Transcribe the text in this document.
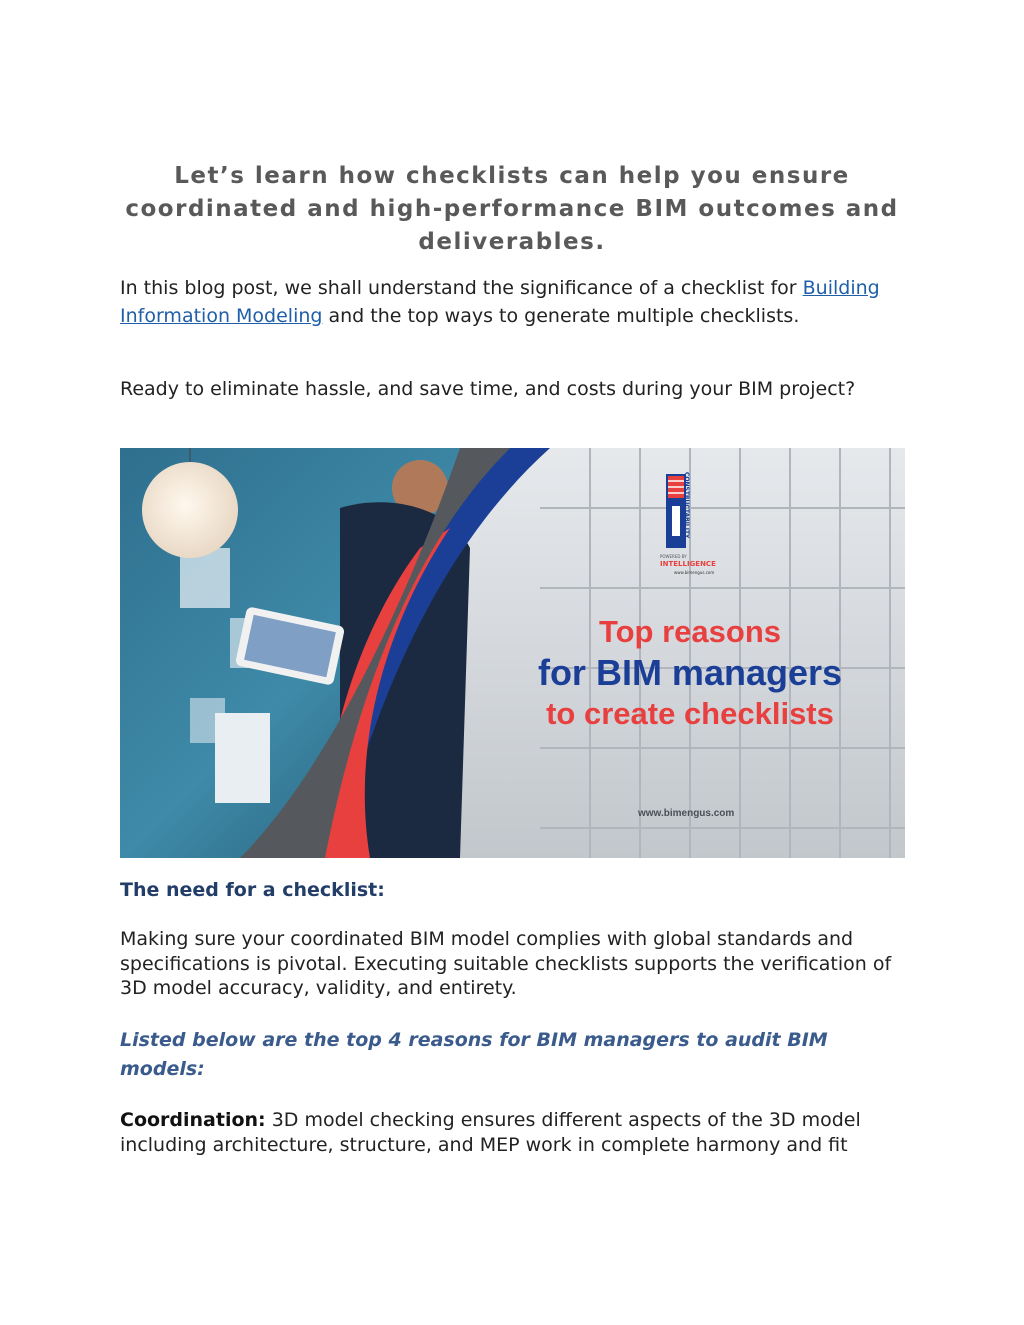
Let’s learn how checklists can help you ensure coordinated and high-performance BIM outcomes and deliverables.

In this blog post, we shall understand the significance of a checklist for Building Information Modeling and the top ways to generate multiple checklists.

Ready to eliminate hassle, and save time, and costs during your BIM project?

CONSTRUCTABILITY
POWERED BY
INTELLIGENCE
www.bimengus.com
Top reasons
for BIM managers
to create checklists
www.bimengus.com
The need for a checklist:

Making sure your coordinated BIM model complies with global standards and specifications is pivotal. Executing suitable checklists supports the verification of 3D model accuracy, validity, and entirety.

Listed below are the top 4 reasons for BIM managers to audit BIM models:

Coordination: 3D model checking ensures different aspects of the 3D model including architecture, structure, and MEP work in complete harmony and fit
